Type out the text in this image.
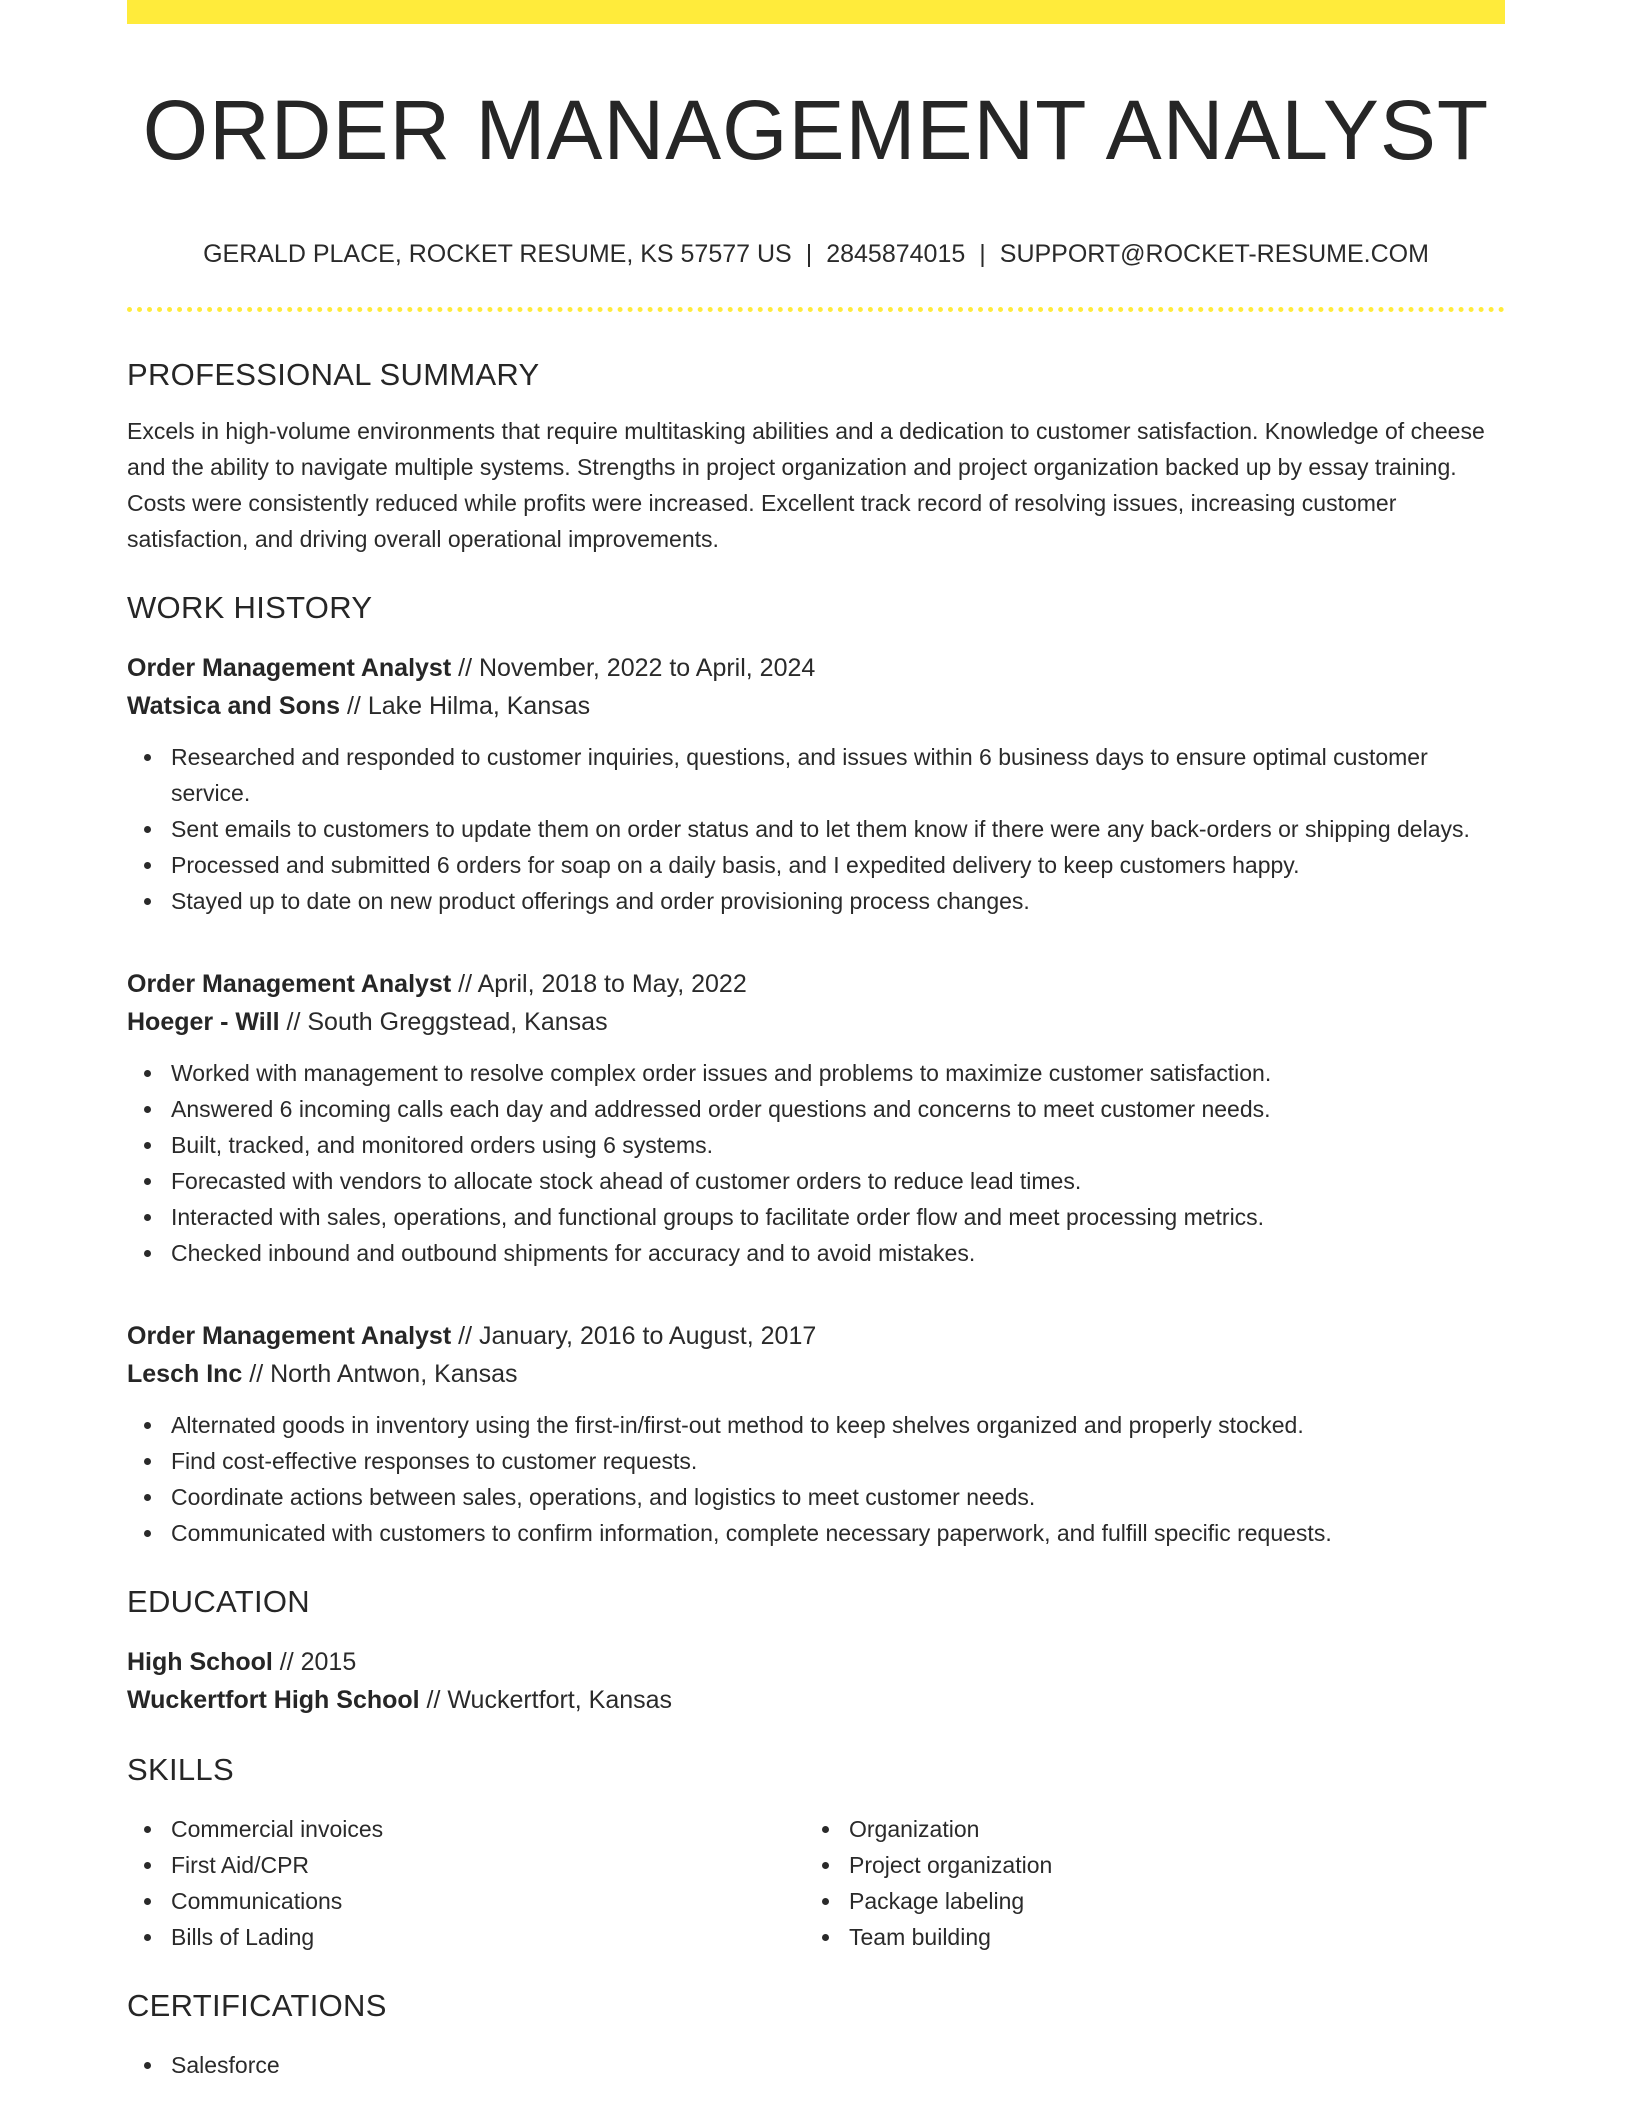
ORDER MANAGEMENT ANALYST
GERALD PLACE, ROCKET RESUME, KS 57577 US | 2845874015 | SUPPORT@ROCKET-RESUME.COM
PROFESSIONAL SUMMARY

Excels in high-volume environments that require multitasking abilities and a dedication to customer satisfaction. Knowledge of cheese and the ability to navigate multiple systems. Strengths in project organization and project organization backed up by essay training. Costs were consistently reduced while profits were increased. Excellent track record of resolving issues, increasing customer satisfaction, and driving overall operational improvements.

WORK HISTORY
Order Management Analyst // November, 2022 to April, 2024
Watsica and Sons // Lake Hilma, Kansas
Researched and responded to customer inquiries, questions, and issues within 6 business days to ensure optimal customer service.
Sent emails to customers to update them on order status and to let them know if there were any back-orders or shipping delays.
Processed and submitted 6 orders for soap on a daily basis, and I expedited delivery to keep customers happy.
Stayed up to date on new product offerings and order provisioning process changes.
Order Management Analyst // April, 2018 to May, 2022
Hoeger - Will // South Greggstead, Kansas
Worked with management to resolve complex order issues and problems to maximize customer satisfaction.
Answered 6 incoming calls each day and addressed order questions and concerns to meet customer needs.
Built, tracked, and monitored orders using 6 systems.
Forecasted with vendors to allocate stock ahead of customer orders to reduce lead times.
Interacted with sales, operations, and functional groups to facilitate order flow and meet processing metrics.
Checked inbound and outbound shipments for accuracy and to avoid mistakes.
Order Management Analyst // January, 2016 to August, 2017
Lesch Inc // North Antwon, Kansas
Alternated goods in inventory using the first-in/first-out method to keep shelves organized and properly stocked.
Find cost-effective responses to customer requests.
Coordinate actions between sales, operations, and logistics to meet customer needs.
Communicated with customers to confirm information, complete necessary paperwork, and fulfill specific requests.
EDUCATION
High School // 2015
Wuckertfort High School // Wuckertfort, Kansas
SKILLS
Commercial invoices
First Aid/CPR
Communications
Bills of Lading
Organization
Project organization
Package labeling
Team building
CERTIFICATIONS
Salesforce
